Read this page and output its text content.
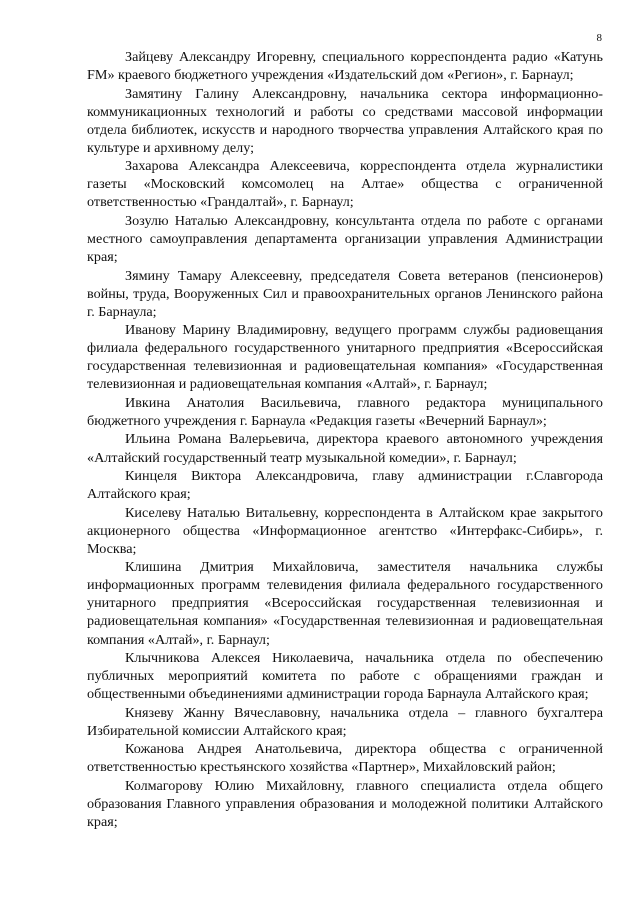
8

Зайцеву Александру Игоревну, специального корреспондента радио «Катунь FM» краевого бюджетного учреждения «Издательский дом «Регион», г. Барнаул;

Замятину Галину Александровну, начальника сектора информационно-коммуникационных технологий и работы со средствами массовой информации отдела библиотек, искусств и народного творчества управления Алтайского края по культуре и архивному делу;

Захарова Александра Алексеевича, корреспондента отдела журналистики газеты «Московский комсомолец на Алтае» общества с ограниченной ответственностью «Грандалтай», г. Барнаул;

Зозулю Наталью Александровну, консультанта отдела по работе с органами местного самоуправления департамента организации управления Администрации края;

Зямину Тамару Алексеевну, председателя Совета ветеранов (пенсионеров) войны, труда, Вооруженных Сил и правоохранительных органов Ленинского района г. Барнаула;

Иванову Марину Владимировну, ведущего программ службы радиовещания филиала федерального государственного унитарного предприятия «Всероссийская государственная телевизионная и радиовещательная компания» «Государственная телевизионная и радиовещательная компания «Алтай», г. Барнаул;

Ивкина Анатолия Васильевича, главного редактора муниципального бюджетного учреждения г. Барнаула «Редакция газеты «Вечерний Барнаул»;

Ильина Романа Валерьевича, директора краевого автономного учреждения «Алтайский государственный театр музыкальной комедии», г. Барнаул;

Кинцеля Виктора Александровича, главу администрации г.Славгорода Алтайского края;

Киселеву Наталью Витальевну, корреспондента в Алтайском крае закрытого акционерного общества «Информационное агентство «Интерфакс-Сибирь», г. Москва;

Клишина Дмитрия Михайловича, заместителя начальника службы информационных программ телевидения филиала федерального государственного унитарного предприятия «Всероссийская государственная телевизионная и радиовещательная компания» «Государственная телевизионная и радиовещательная компания «Алтай», г. Барнаул;

Клычникова Алексея Николаевича, начальника отдела по обеспечению публичных мероприятий комитета по работе с обращениями граждан и общественными объединениями администрации города Барнаула Алтайского края;

Князеву Жанну Вячеславовну, начальника отдела – главного бухгалтера Избирательной комиссии Алтайского края;

Кожанова Андрея Анатольевича, директора общества с ограниченной ответственностью крестьянского хозяйства «Партнер», Михайловский район;

Колмагорову Юлию Михайловну, главного специалиста отдела общего образования Главного управления образования и молодежной политики Алтайского края;
